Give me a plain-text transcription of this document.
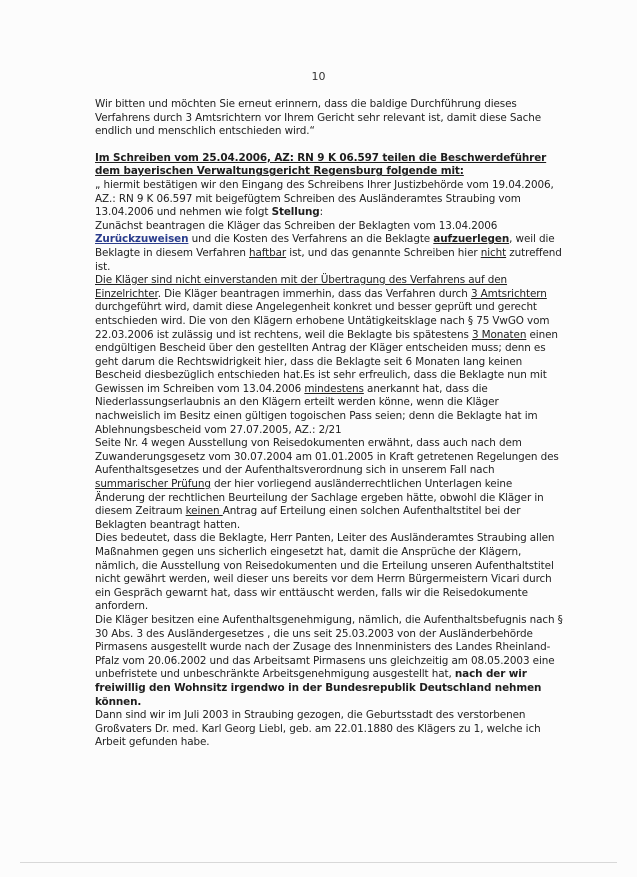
10

Wir bitten und möchten Sie erneut erinnern, dass die baldige Durchführung dieses Verfahrens durch 3 Amtsrichtern vor Ihrem Gericht sehr relevant ist, damit diese Sache endlich und menschlich entschieden wird.“

Im Schreiben vom 25.04.2006, AZ: RN 9 K 06.597 teilen die Beschwerdeführer dem bayerischen Verwaltungsgericht Regensburg folgende mit:

„ hiermit bestätigen wir den Eingang des Schreibens Ihrer Justizbehörde vom 19.04.2006, AZ.: RN 9 K 06.597 mit beigefügtem Schreiben des Ausländeramtes Straubing vom 13.04.2006 und nehmen wie folgt Stellung:

Zunächst beantragen die Kläger das Schreiben der Beklagten vom 13.04.2006 Zurückzuweisen und die Kosten des Verfahrens an die Beklagte aufzuerlegen, weil die Beklagte in diesem Verfahren haftbar ist, und das genannte Schreiben hier nicht zutreffend ist.

Die Kläger sind nicht einverstanden mit der Übertragung des Verfahrens auf den Einzelrichter. Die Kläger beantragen immerhin, dass das Verfahren durch 3 Amtsrichtern durchgeführt wird, damit diese Angelegenheit konkret und besser geprüft und gerecht entschieden wird. Die von den Klägern erhobene Untätigkeitsklage nach § 75 VwGO vom 22.03.2006 ist zulässig und ist rechtens, weil die Beklagte bis spätestens 3 Monaten einen endgültigen Bescheid über den gestellten Antrag der Kläger entscheiden muss; denn es geht darum die Rechtswidrigkeit hier, dass die Beklagte seit 6 Monaten lang keinen Bescheid diesbezüglich entschieden hat.Es ist sehr erfreulich, dass die Beklagte nun mit Gewissen im Schreiben vom 13.04.2006 mindestens anerkannt hat, dass die Niederlassungserlaubnis an den Klägern erteilt werden könne, wenn die Kläger nachweislich im Besitz einen gültigen togoischen Pass seien; denn die Beklagte hat im Ablehnungsbescheid vom 27.07.2005, AZ.: 2/21

Seite Nr. 4 wegen Ausstellung von Reisedokumenten erwähnt, dass auch nach dem Zuwanderungsgesetz vom 30.07.2004 am 01.01.2005 in Kraft getretenen Regelungen des Aufenthaltsgesetzes und der Aufenthaltsverordnung sich in unserem Fall nach summarischer Prüfung der hier vorliegend ausländerrechtlichen Unterlagen keine Änderung der rechtlichen Beurteilung der Sachlage ergeben hätte, obwohl die Kläger in diesem Zeitraum keinen Antrag auf Erteilung einen solchen Aufenthaltstitel bei der Beklagten beantragt hatten.

Dies bedeutet, dass die Beklagte, Herr Panten, Leiter des Ausländeramtes Straubing allen Maßnahmen gegen uns sicherlich eingesetzt hat, damit die Ansprüche der Klägern, nämlich, die Ausstellung von Reisedokumenten und die Erteilung unseren Aufenthaltstitel nicht gewährt werden, weil dieser uns bereits vor dem Herrn Bürgermeistern Vicari durch ein Gespräch gewarnt hat, dass wir enttäuscht werden, falls wir die Reisedokumente anfordern.

Die Kläger besitzen eine Aufenthaltsgenehmigung, nämlich, die Aufenthaltsbefugnis nach § 30 Abs. 3 des Ausländergesetzes , die uns seit 25.03.2003 von der Ausländerbehörde Pirmasens ausgestellt wurde nach der Zusage des Innenministers des Landes Rheinland-Pfalz vom 20.06.2002 und das Arbeitsamt Pirmasens uns gleichzeitig am 08.05.2003 eine unbefristete und unbeschränkte Arbeitsgenehmigung ausgestellt hat, nach der wir freiwillig den Wohnsitz irgendwo in der Bundesrepublik Deutschland nehmen können.

Dann sind wir im Juli 2003 in Straubing gezogen, die Geburtsstadt des verstorbenen Großvaters Dr. med. Karl Georg Liebl, geb. am 22.01.1880 des Klägers zu 1, welche ich Arbeit gefunden habe.
